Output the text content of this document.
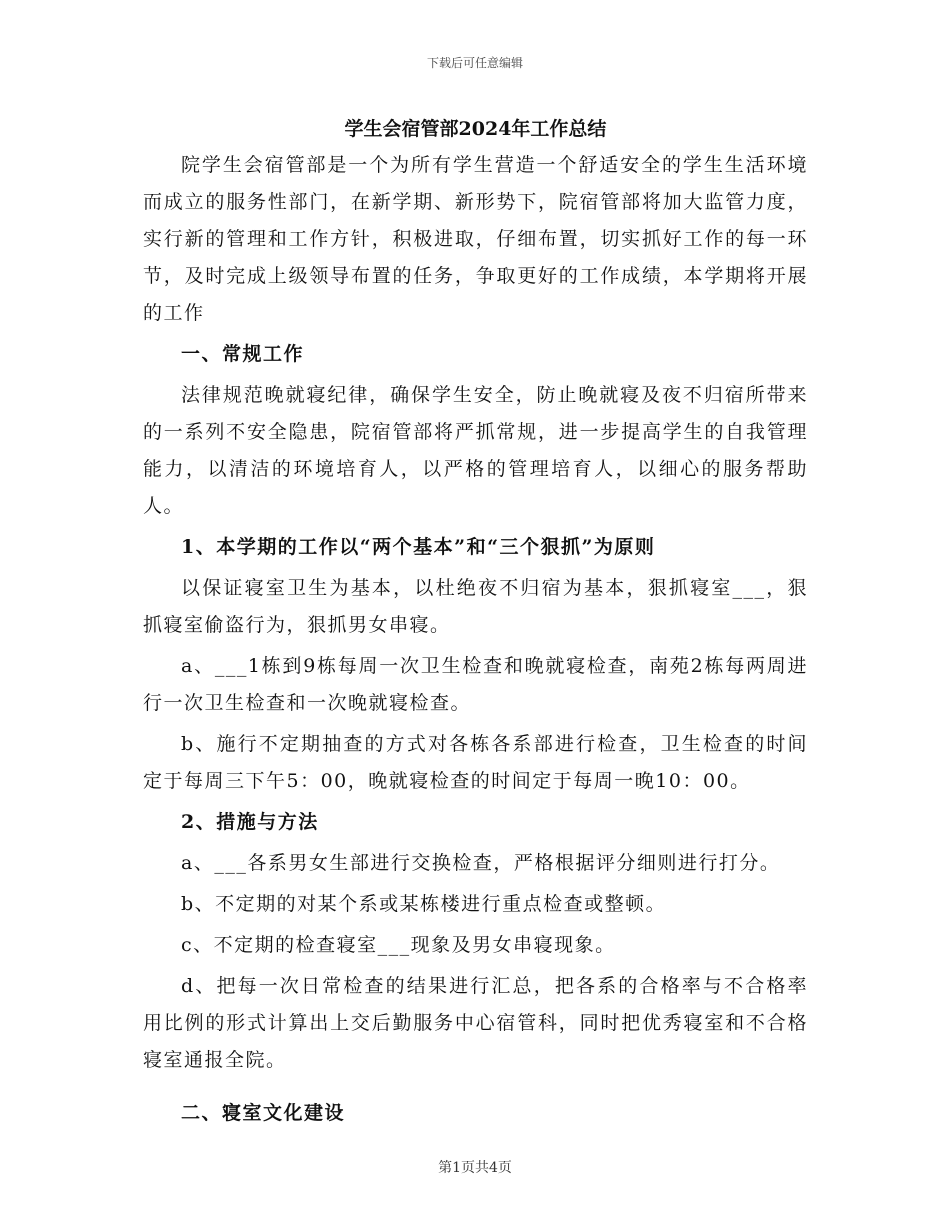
下载后可任意编辑
学生会宿管部2024年工作总结

院学生会宿管部是一个为所有学生营造一个舒适安全的学生生活环境而成立的服务性部门，在新学期、新形势下，院宿管部将加大监管力度，实行新的管理和工作方针，积极进取，仔细布置，切实抓好工作的每一环节，及时完成上级领导布置的任务，争取更好的工作成绩，本学期将开展的工作

一、常规工作

法律规范晚就寝纪律，确保学生安全，防止晚就寝及夜不归宿所带来的一系列不安全隐患，院宿管部将严抓常规，进一步提高学生的自我管理能力，以清洁的环境培育人，以严格的管理培育人，以细心的服务帮助人。

1、本学期的工作以“两个基本”和“三个狠抓”为原则

以保证寝室卫生为基本，以杜绝夜不归宿为基本，狠抓寝室___，狠抓寝室偷盗行为，狠抓男女串寝。

a、___1栋到9栋每周一次卫生检查和晚就寝检查，南苑2栋每两周进行一次卫生检查和一次晚就寝检查。

b、施行不定期抽查的方式对各栋各系部进行检查，卫生检查的时间定于每周三下午5：00，晚就寝检查的时间定于每周一晚10：00。

2、措施与方法

a、___各系男女生部进行交换检查，严格根据评分细则进行打分。

b、不定期的对某个系或某栋楼进行重点检查或整顿。

c、不定期的检查寝室___现象及男女串寝现象。

d、把每一次日常检查的结果进行汇总，把各系的合格率与不合格率用比例的形式计算出上交后勤服务中心宿管科，同时把优秀寝室和不合格寝室通报全院。

二、寝室文化建设

第1页共4页
